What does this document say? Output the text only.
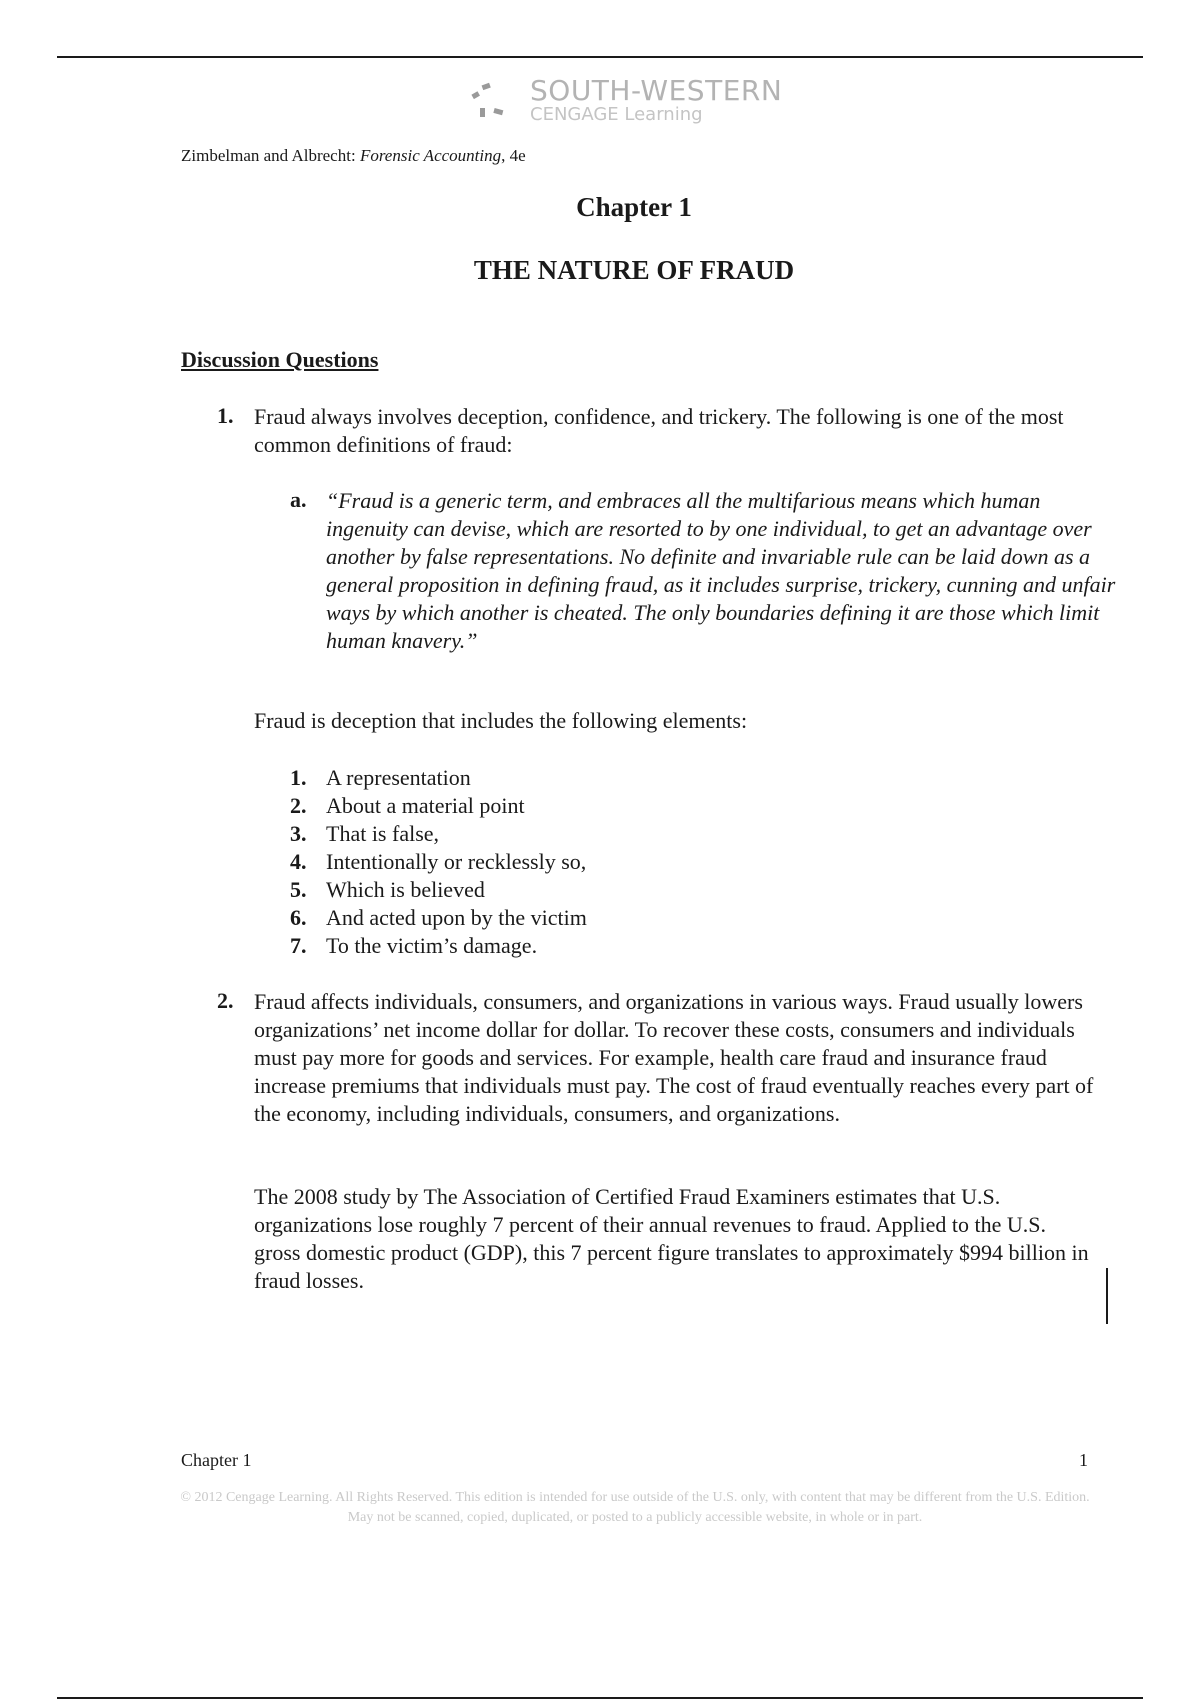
SOUTH-WESTERN
CENGAGE Learning
Zimbelman and Albrecht: Forensic Accounting, 4e
Chapter 1
THE NATURE OF FRAUD
Discussion Questions
1. Fraud always involves deception, confidence, and trickery. The following is one of the most common definitions of fraud:
a. “Fraud is a generic term, and embraces all the multifarious means which human ingenuity can devise, which are resorted to by one individual, to get an advantage over another by false representations. No definite and invariable rule can be laid down as a general proposition in defining fraud, as it includes surprise, trickery, cunning and unfair ways by which another is cheated. The only boundaries defining it are those which limit human knavery.”
Fraud is deception that includes the following elements:
1. A representation
2. About a material point
3. That is false,
4. Intentionally or recklessly so,
5. Which is believed
6. And acted upon by the victim
7. To the victim’s damage.
2. Fraud affects individuals, consumers, and organizations in various ways. Fraud usually lowers organizations’ net income dollar for dollar. To recover these costs, consumers and individuals must pay more for goods and services. For example, health care fraud and insurance fraud increase premiums that individuals must pay. The cost of fraud eventually reaches every part of the economy, including individuals, consumers, and organizations.
The 2008 study by The Association of Certified Fraud Examiners estimates that U.S. organizations lose roughly 7 percent of their annual revenues to fraud. Applied to the U.S. gross domestic product (GDP), this 7 percent figure translates to approximately $994 billion in fraud losses.
Chapter 1	1
© 2012 Cengage Learning. All Rights Reserved. This edition is intended for use outside of the U.S. only, with content that may be different from the U.S. Edition. May not be scanned, copied, duplicated, or posted to a publicly accessible website, in whole or in part.
